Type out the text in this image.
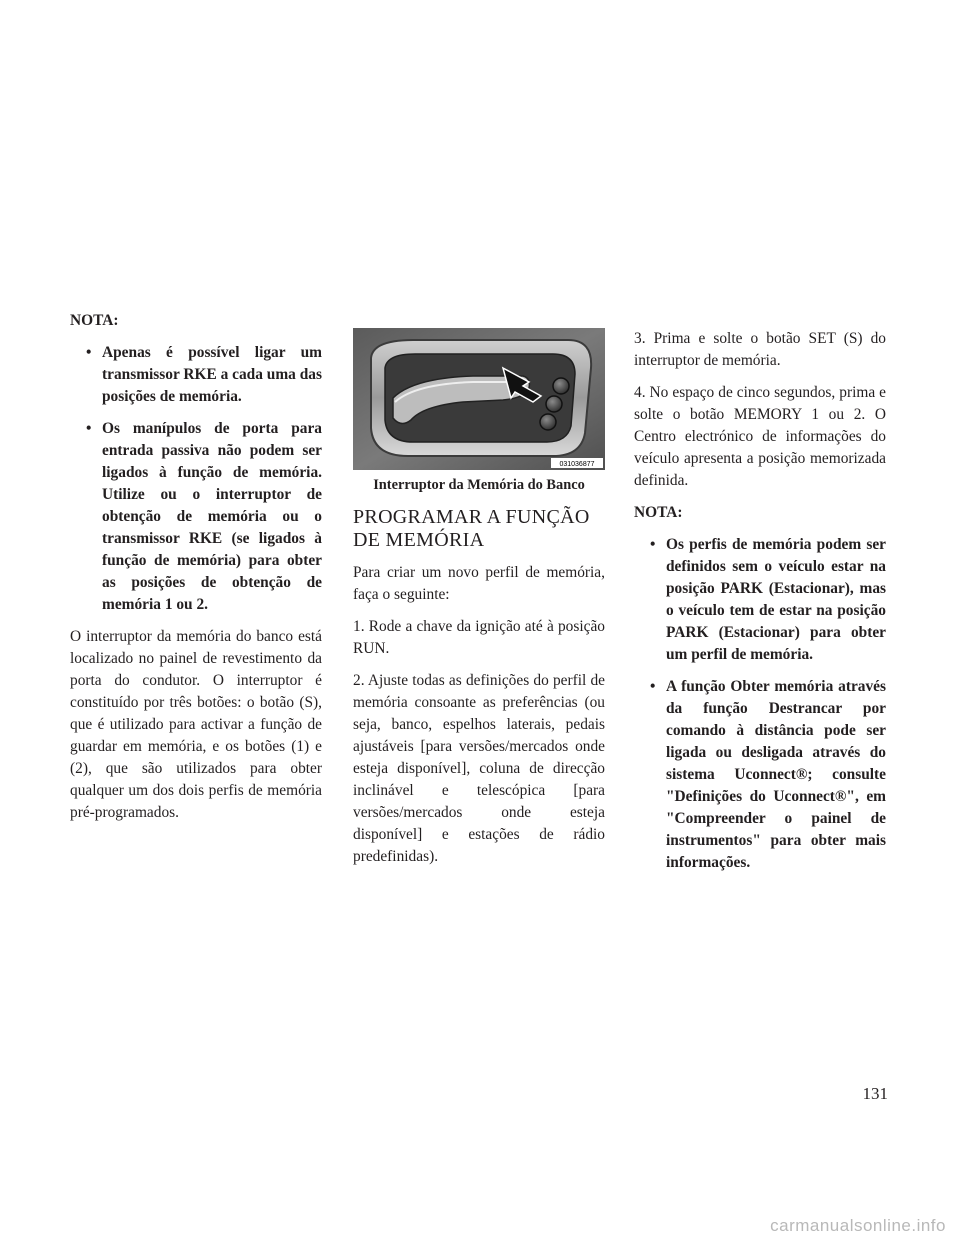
NOTA:

• Apenas é possível ligar um transmissor RKE a cada uma das posições de memória.
• Os manípulos de porta para entrada passiva não podem ser ligados à função de memória. Utilize ou o interruptor de obtenção de memória ou o transmissor RKE (se ligados à função de memória) para obter as posições de obtenção de memória 1 ou 2.

O interruptor da memória do banco está localizado no painel de revestimento da porta do condutor. O interruptor é constituído por três botões: o botão (S), que é utilizado para activar a função de guardar em memória, e os botões (1) e (2), que são utilizados para obter qualquer um dos dois perfis de memória pré-programados.

031036877
Interruptor da Memória do Banco
PROGRAMAR A FUNÇÃO
DE MEMÓRIA

Para criar um novo perfil de memória, faça o seguinte:

1. Rode a chave da ignição até à posição RUN.

2. Ajuste todas as definições do perfil de memória consoante as preferências (ou seja, banco, espelhos laterais, pedais ajustáveis [para versões/mercados onde esteja disponível], coluna de direcção inclinável e telescópica [para versões/mercados onde esteja disponível] e estações de rádio predefinidas).

3. Prima e solte o botão SET (S) do interruptor de memória.

4. No espaço de cinco segundos, prima e solte o botão MEMORY 1 ou 2. O Centro electrónico de informações do veículo apresenta a posição memorizada definida.

NOTA:

• Os perfis de memória podem ser definidos sem o veículo estar na posição PARK (Estacionar), mas o veículo tem de estar na posição PARK (Estacionar) para obter um perfil de memória.
• A função Obter memória através da função Destrancar por comando à distância pode ser ligada ou desligada através do sistema Uconnect®; consulte "Definições do Uconnect®", em "Compreender o painel de instrumentos" para obter mais informações.
131
carmanualsonline.info
